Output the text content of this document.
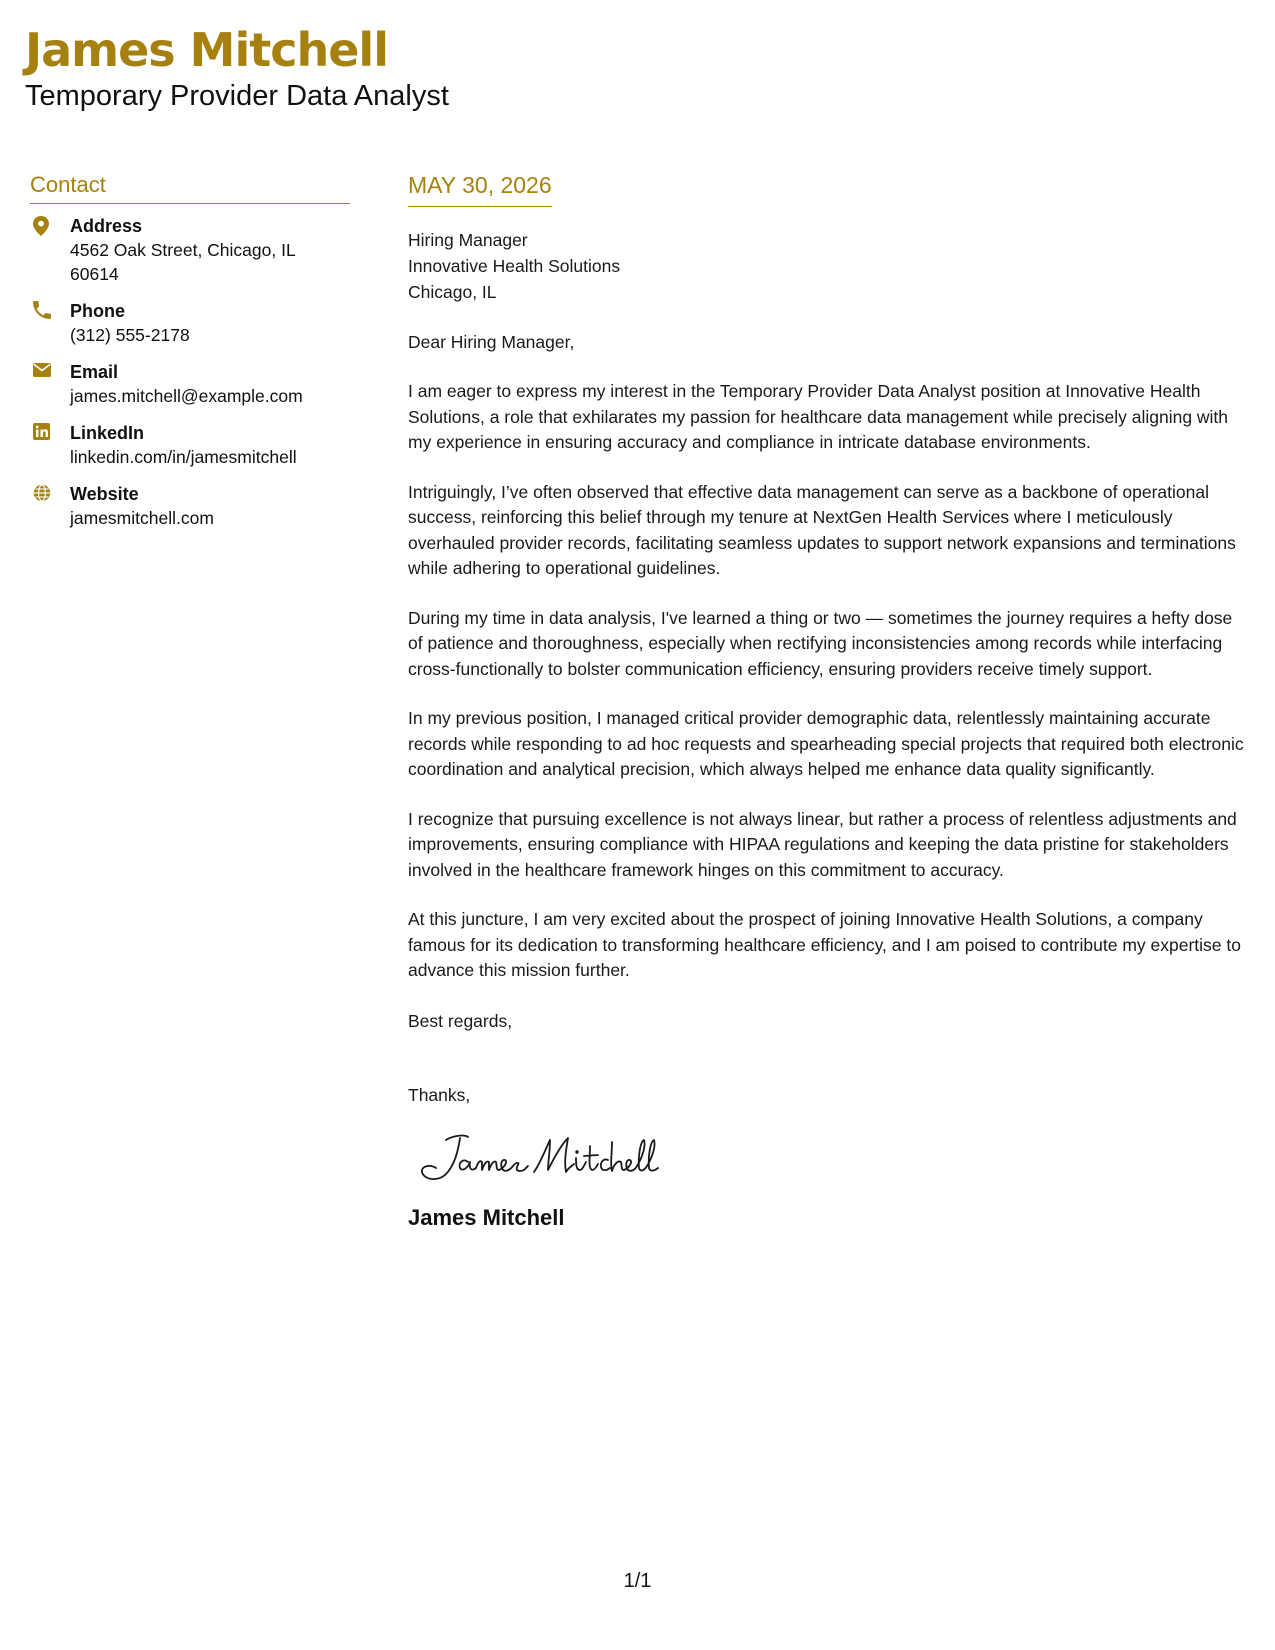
James Mitchell
Temporary Provider Data Analyst
Contact
Address
4562 Oak Street, Chicago, IL 60614
Phone
(312) 555-2178
Email
james.mitchell@example.com
LinkedIn
linkedin.com/in/jamesmitchell
Website
jamesmitchell.com
MAY 30, 2026
Hiring Manager
Innovative Health Solutions
Chicago, IL
Dear Hiring Manager,
I am eager to express my interest in the Temporary Provider Data Analyst position at Innovative Health Solutions, a role that exhilarates my passion for healthcare data management while precisely aligning with my experience in ensuring accuracy and compliance in intricate database environments.
Intriguingly, I’ve often observed that effective data management can serve as a backbone of operational success, reinforcing this belief through my tenure at NextGen Health Services where I meticulously overhauled provider records, facilitating seamless updates to support network expansions and terminations while adhering to operational guidelines.
During my time in data analysis, I've learned a thing or two — sometimes the journey requires a hefty dose of patience and thoroughness, especially when rectifying inconsistencies among records while interfacing cross-functionally to bolster communication efficiency, ensuring providers receive timely support.
In my previous position, I managed critical provider demographic data, relentlessly maintaining accurate records while responding to ad hoc requests and spearheading special projects that required both electronic coordination and analytical precision, which always helped me enhance data quality significantly.
I recognize that pursuing excellence is not always linear, but rather a process of relentless adjustments and improvements, ensuring compliance with HIPAA regulations and keeping the data pristine for stakeholders involved in the healthcare framework hinges on this commitment to accuracy.
At this juncture, I am very excited about the prospect of joining Innovative Health Solutions, a company famous for its dedication to transforming healthcare efficiency, and I am poised to contribute my expertise to advance this mission further.
Best regards,
Thanks,
James Mitchell
1/1
